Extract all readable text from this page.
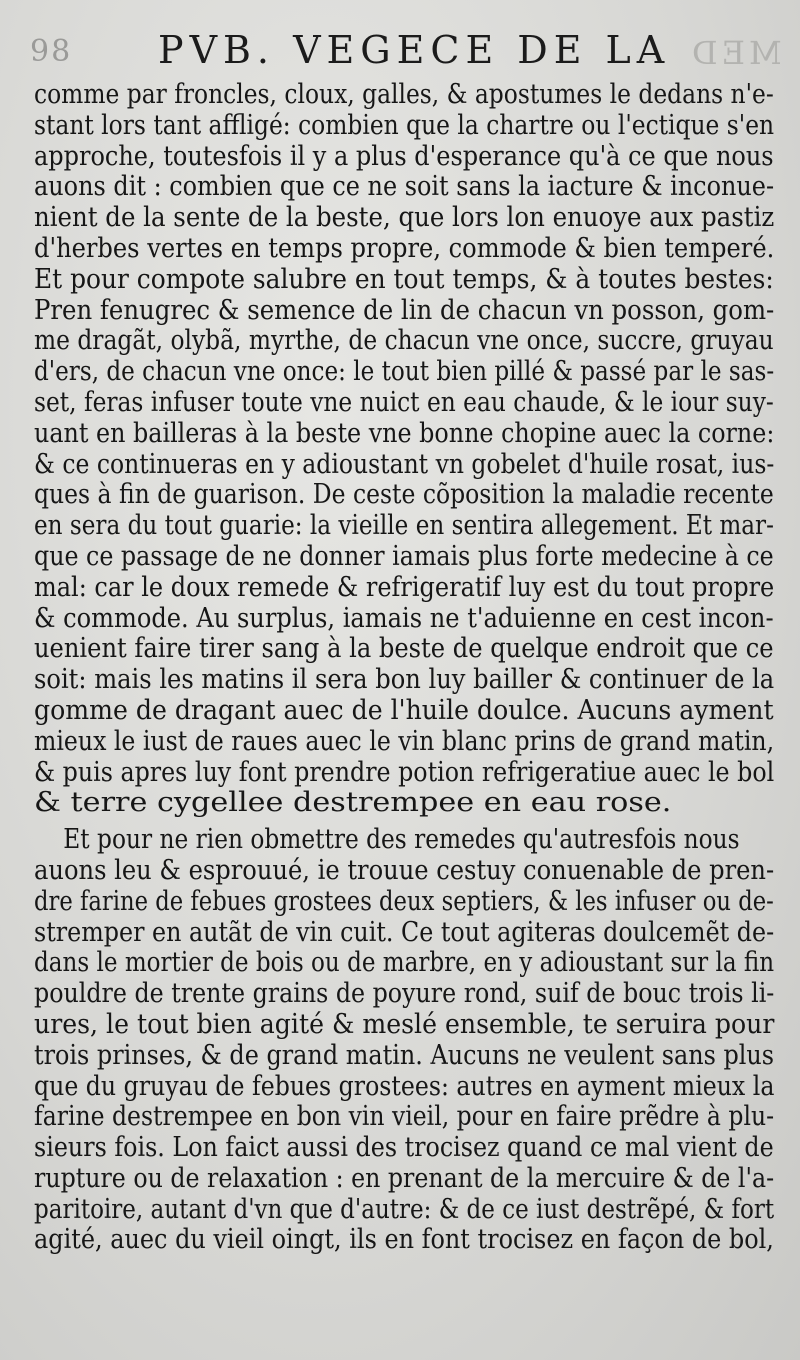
98 PVB. VEGECE DE LA MED
comme par froncles, cloux, galles, & apostumes le dedans n'e-
stant lors tant affligé: combien que la chartre ou l'ectique s'en
approche, toutesfois il y a plus d'esperance qu'à ce que nous
auons dit : combien que ce ne soit sans la iacture & inconue-
nient de la sente de la beste, que lors lon enuoye aux pastiz
d'herbes vertes en temps propre, commode & bien temperé.
Et pour compote salubre en tout temps, & à toutes bestes:
Pren fenugrec & semence de lin de chacun vn posson, gom-
me dragãt, olybã, myrthe, de chacun vne once, succre, gruyau
d'ers, de chacun vne once: le tout bien pillé & passé par le sas-
set, feras infuser toute vne nuict en eau chaude, & le iour suy-
uant en bailleras à la beste vne bonne chopine auec la corne:
& ce continueras en y adioustant vn gobelet d'huile rosat, ius-
ques à fin de guarison. De ceste cõposition la maladie recente
en sera du tout guarie: la vieille en sentira allegement. Et mar-
que ce passage de ne donner iamais plus forte medecine à ce
mal: car le doux remede & refrigeratif luy est du tout propre
& commode. Au surplus, iamais ne t'aduienne en cest incon-
uenient faire tirer sang à la beste de quelque endroit que ce
soit: mais les matins il sera bon luy bailler & continuer de la
gomme de dragant auec de l'huile doulce. Aucuns ayment
mieux le iust de raues auec le vin blanc prins de grand matin,
& puis apres luy font prendre potion refrigeratiue auec le bol
& terre cygellee destrempee en eau rose.
Et pour ne rien obmettre des remedes qu'autresfois nous
auons leu & esprouué, ie trouue cestuy conuenable de pren-
dre farine de febues grostees deux septiers, & les infuser ou de-
stremper en autãt de vin cuit. Ce tout agiteras doulcemẽt de-
dans le mortier de bois ou de marbre, en y adioustant sur la fin
pouldre de trente grains de poyure rond, suif de bouc trois li-
ures, le tout bien agité & meslé ensemble, te seruira pour
trois prinses, & de grand matin. Aucuns ne veulent sans plus
que du gruyau de febues grostees: autres en ayment mieux la
farine destrempee en bon vin vieil, pour en faire prẽdre à plu-
sieurs fois. Lon faict aussi des trocisez quand ce mal vient de
rupture ou de relaxation : en prenant de la mercuire & de l'a-
paritoire, autant d'vn que d'autre: & de ce iust destrẽpé, & fort
agité, auec du vieil oingt, ils en font trocisez en façon de bol,
